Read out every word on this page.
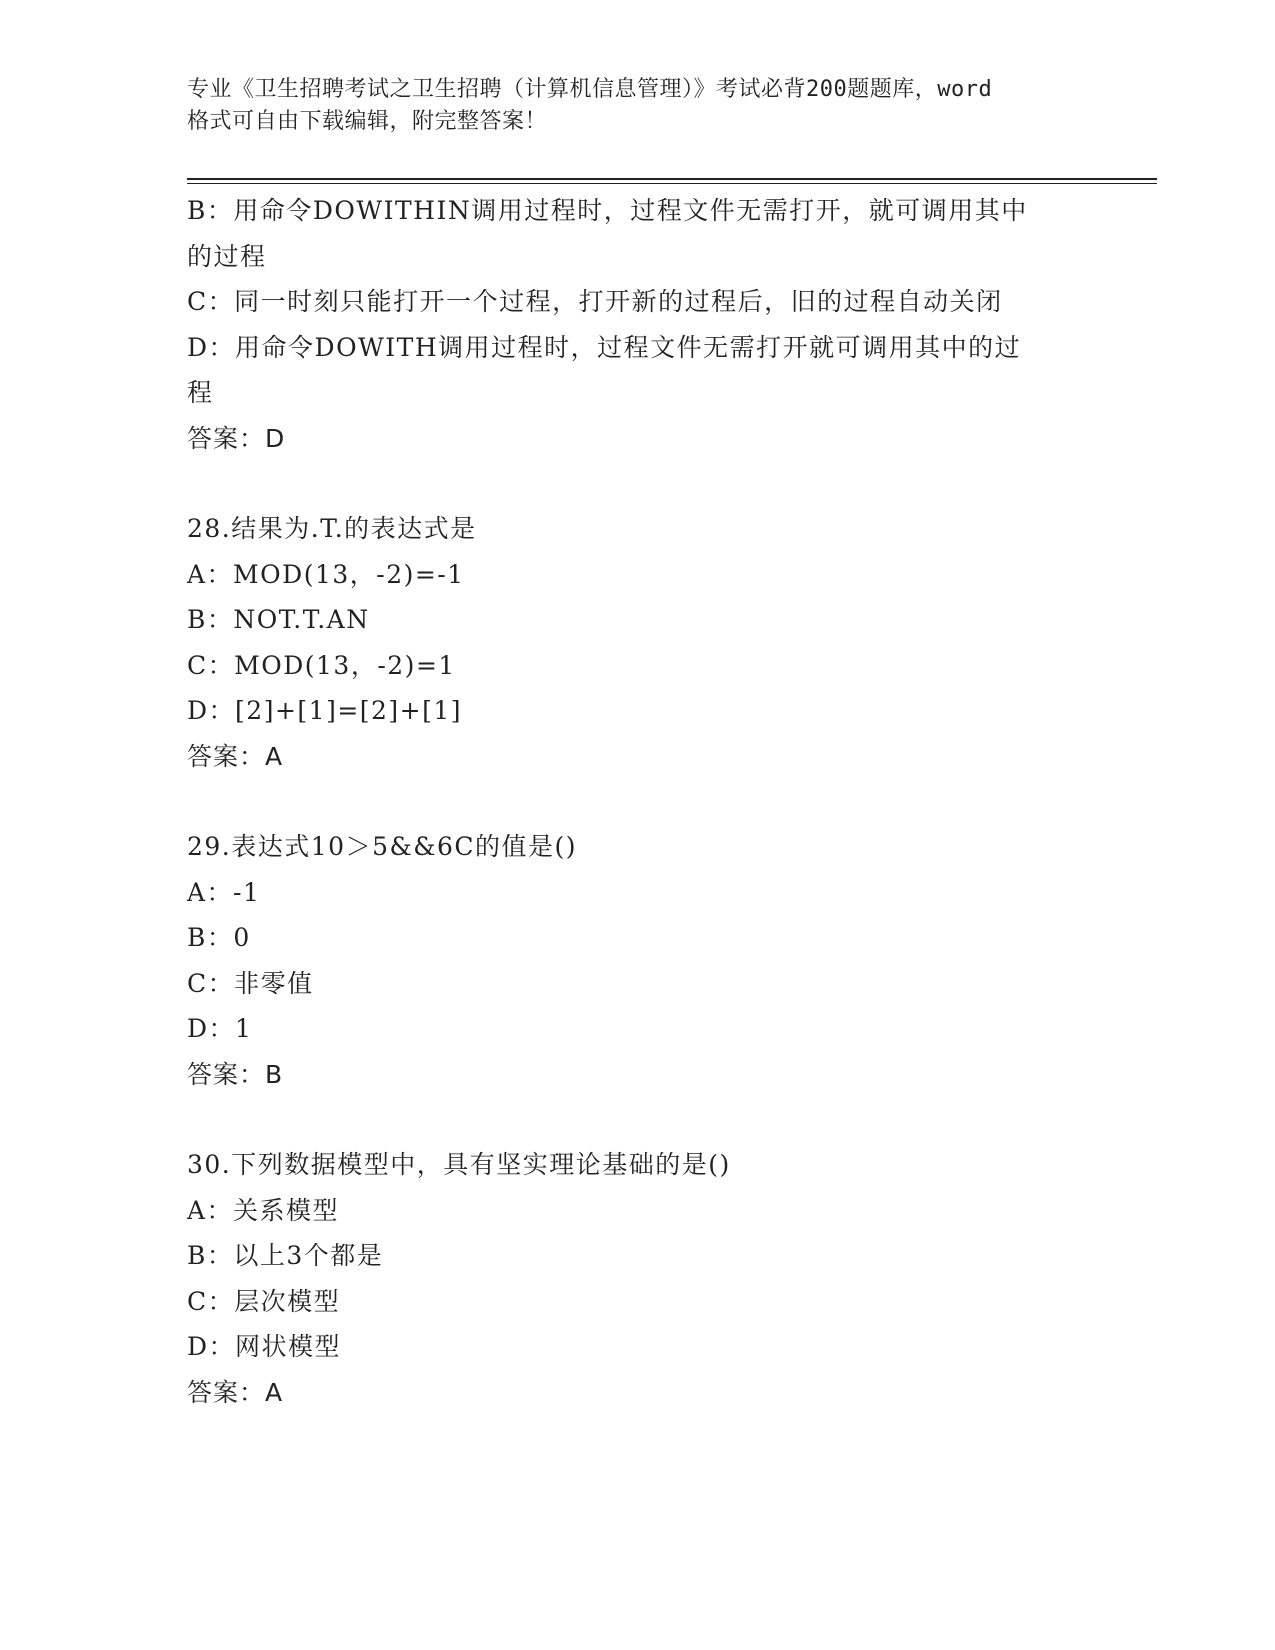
专业《卫生招聘考试之卫生招聘（计算机信息管理）》考试必背200题题库，word
格式可自由下载编辑，附完整答案！
B：用命令DOWITHIN调用过程时，过程文件无需打开，就可调用其中
的过程
C：同一时刻只能打开一个过程，打开新的过程后，旧的过程自动关闭
D：用命令DOWITH调用过程时，过程文件无需打开就可调用其中的过
程
答案：D
28.结果为.T.的表达式是
A：MOD(13，-2)=-1
B：NOT.T.AN
C：MOD(13，-2)=1
D：[2]+[1]=[2]+[1]
答案：A
29.表达式10＞5&&6C的值是()
A：-1
B：0
C：非零值
D：1
答案：B
30.下列数据模型中，具有坚实理论基础的是()
A：关系模型
B：以上3个都是
C：层次模型
D：网状模型
答案：A
